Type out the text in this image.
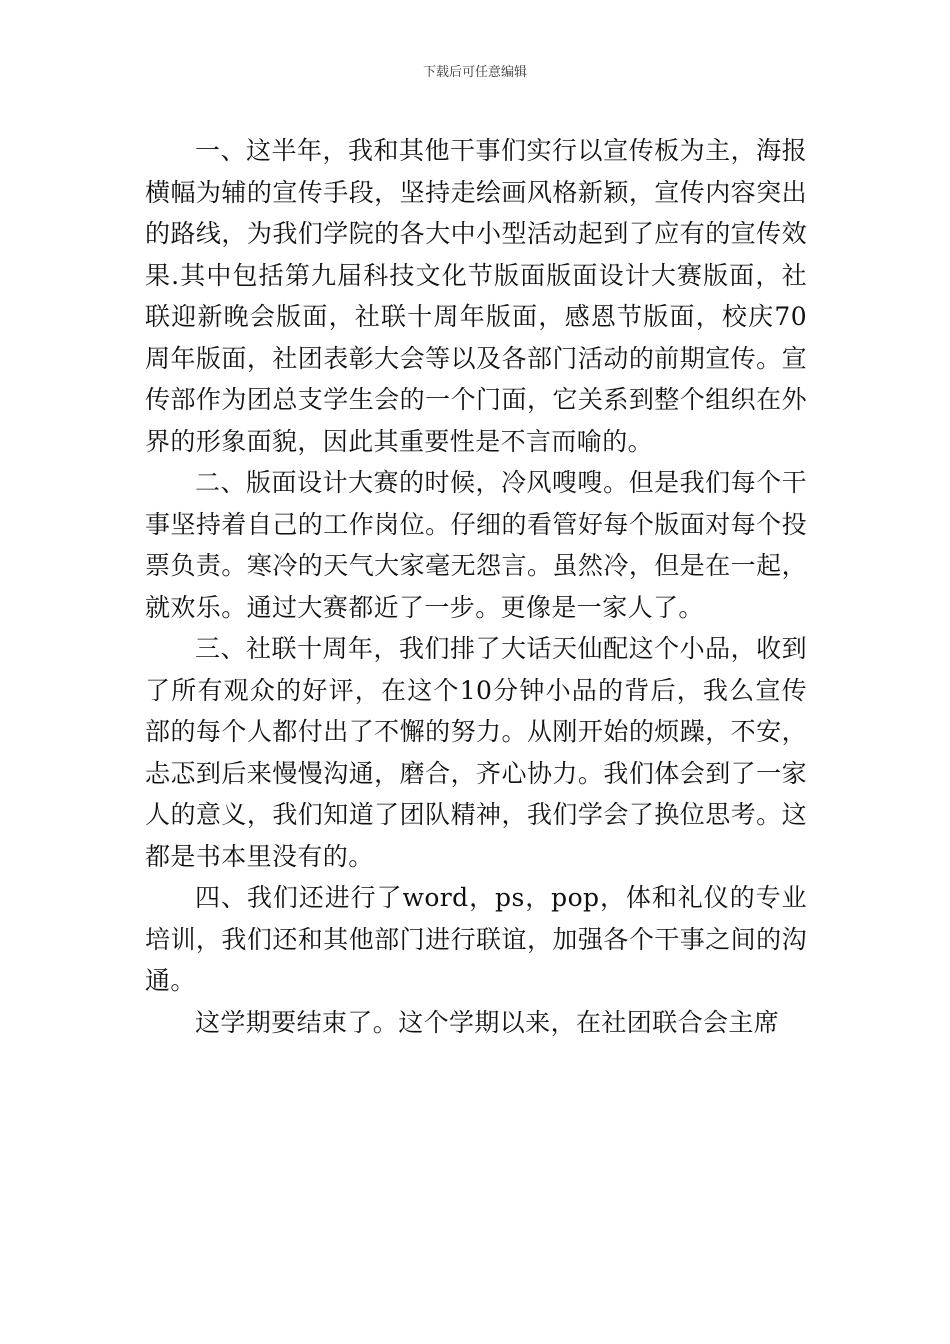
下载后可任意编辑

一、这半年，我和其他干事们实行以宣传板为主，海报横幅为辅的宣传手段，坚持走绘画风格新颖，宣传内容突出的路线，为我们学院的各大中小型活动起到了应有的宣传效果.其中包括第九届科技文化节版面版面设计大赛版面，社联迎新晚会版面，社联十周年版面，感恩节版面，校庆70周年版面，社团表彰大会等以及各部门活动的前期宣传。宣传部作为团总支学生会的一个门面，它关系到整个组织在外界的形象面貌，因此其重要性是不言而喻的。

二、版面设计大赛的时候，冷风嗖嗖。但是我们每个干事坚持着自己的工作岗位。仔细的看管好每个版面对每个投票负责。寒冷的天气大家毫无怨言。虽然冷，但是在一起，就欢乐。通过大赛都近了一步。更像是一家人了。

三、社联十周年，我们排了大话天仙配这个小品，收到了所有观众的好评，在这个10分钟小品的背后，我么宣传部的每个人都付出了不懈的努力。从刚开始的烦躁，不安，忐忑到后来慢慢沟通，磨合，齐心协力。我们体会到了一家人的意义，我们知道了团队精神，我们学会了换位思考。这都是书本里没有的。

四、我们还进行了word，ps，pop，体和礼仪的专业培训，我们还和其他部门进行联谊，加强各个干事之间的沟通。

这学期要结束了。这个学期以来，在社团联合会主席
